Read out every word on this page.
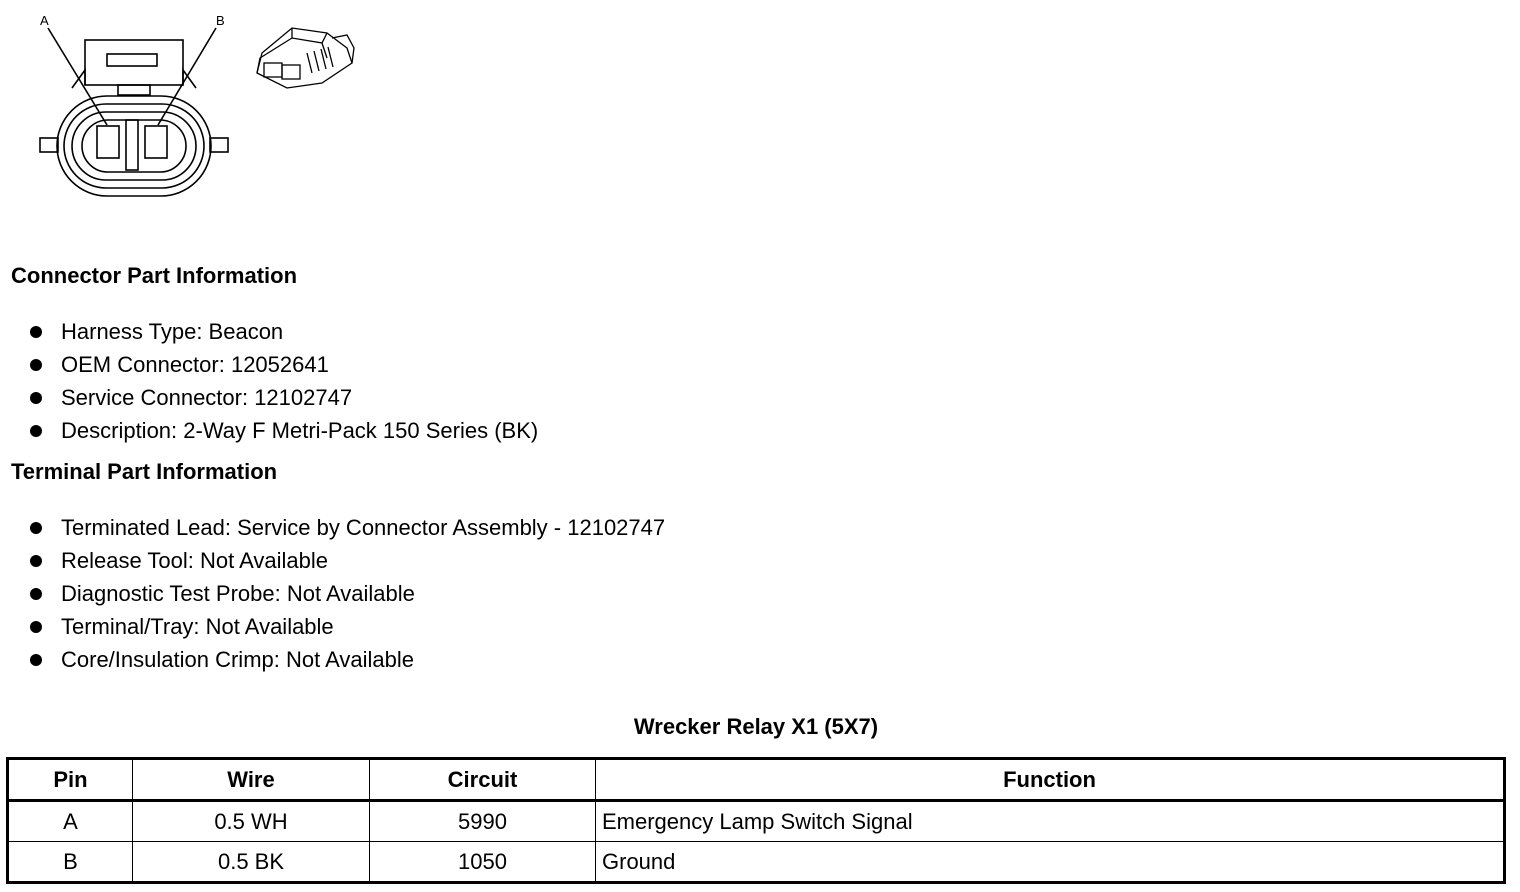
A	B
Connector Part Information
Harness Type: Beacon
OEM Connector: 12052641
Service Connector: 12102747
Description: 2-Way F Metri-Pack 150 Series (BK)
Terminal Part Information
Terminated Lead: Service by Connector Assembly - 12102747
Release Tool: Not Available
Diagnostic Test Probe: Not Available
Terminal/Tray: Not Available
Core/Insulation Crimp: Not Available
Wrecker Relay X1 (5X7)
Pin	Wire	Circuit	Function
A	0.5 WH	5990	Emergency Lamp Switch Signal
B	0.5 BK	1050	Ground
